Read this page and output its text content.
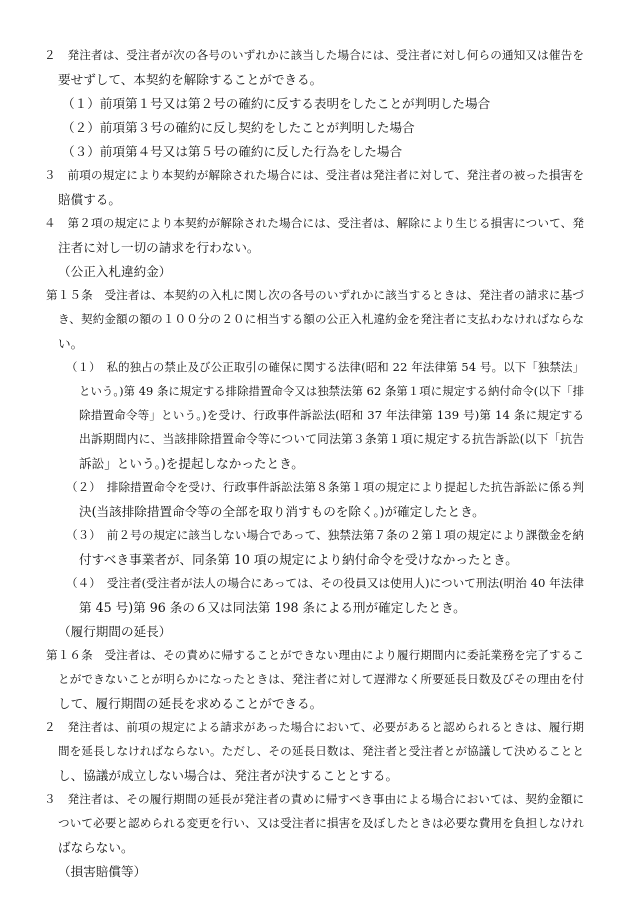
２　発注者は、受注者が次の各号のいずれかに該当した場合には、受注者に対し何らの通知又は催告を
要せずして、本契約を解除することができる。
（１）前項第１号又は第２号の確約に反する表明をしたことが判明した場合
（２）前項第３号の確約に反し契約をしたことが判明した場合
（３）前項第４号又は第５号の確約に反した行為をした場合
３　前項の規定により本契約が解除された場合には、受注者は発注者に対して、発注者の被った損害を
賠償する。
４　第２項の規定により本契約が解除された場合には、受注者は、解除により生じる損害について、発
注者に対し一切の請求を行わない。
（公正入札違約金）
第１５条　受注者は、本契約の入札に関し次の各号のいずれかに該当するときは、発注者の請求に基づ
き、契約金額の額の１００分の２０に相当する額の公正入札違約金を発注者に支払わなければならな
い。
（１）　私的独占の禁止及び公正取引の確保に関する法律(昭和 22 年法律第 54 号。以下「独禁法」
という。)第 49 条に規定する排除措置命令又は独禁法第 62 条第１項に規定する納付命令(以下「排
除措置命令等」という。)を受け、行政事件訴訟法(昭和 37 年法律第 139 号)第 14 条に規定する
出訴期間内に、当該排除措置命令等について同法第３条第１項に規定する抗告訴訟(以下「抗告
訴訟」という。)を提起しなかったとき。
（２）　排除措置命令を受け、行政事件訴訟法第８条第１項の規定により提起した抗告訴訟に係る判
決(当該排除措置命令等の全部を取り消すものを除く。)が確定したとき。
（３）　前２号の規定に該当しない場合であって、独禁法第７条の２第１項の規定により課徴金を納
付すべき事業者が、同条第 10 項の規定により納付命令を受けなかったとき。
（４）　受注者(受注者が法人の場合にあっては、その役員又は使用人)について刑法(明治 40 年法律
第 45 号)第 96 条の６又は同法第 198 条による刑が確定したとき。
（履行期間の延長）
第１６条　受注者は、その責めに帰することができない理由により履行期間内に委託業務を完了するこ
とができないことが明らかになったときは、発注者に対して遅滞なく所要延長日数及びその理由を付
して、履行期間の延長を求めることができる。
２　発注者は、前項の規定による請求があった場合において、必要があると認められるときは、履行期
間を延長しなければならない。ただし、その延長日数は、発注者と受注者とが協議して決めることと
し、協議が成立しない場合は、発注者が決することとする。
３　発注者は、その履行期間の延長が発注者の責めに帰すべき事由による場合においては、契約金額に
ついて必要と認められる変更を行い、又は受注者に損害を及ぼしたときは必要な費用を負担しなけれ
ばならない。
（損害賠償等）
